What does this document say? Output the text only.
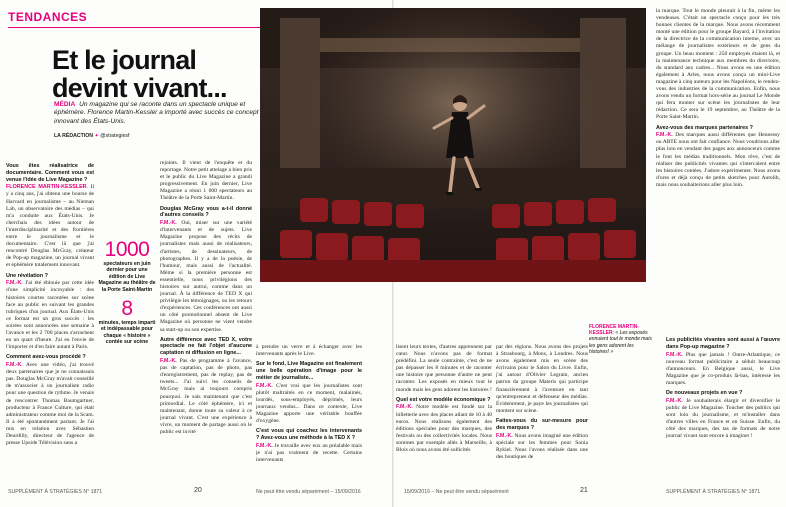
TENDANCES
Et le journal
devint vivant...
MÉDIA Un magazine qui se raconte dans un spectacle unique et éphémère. Florence Martin-Kessler a importé avec succès ce concept innovant des États-Unis.
LA RÉDACTION ✦ @strategiesf
Vous êtes réalisatrice de documentaire. Comment vous est venue l'idée de Live Magazine ?

FLORENCE MARTIN-KESSLER. Il y a cinq ans, j'ai obtenu une bourse de Harvard en journalisme – au Nieman Lab, un observatoire des médias – qui m'a conduite aux États-Unis. Je cherchais des idées autour de l'interdisciplinarité et des frontières entre le journalisme et le documentaire. C'est là que j'ai rencontré Douglas McGray, créateur de Pop-up magazine, un journal vivant et éphémère totalement innovant.

Une révélation ?

F.M.-K. J'ai été éblouie par cette idée d'une simplicité incroyable : des histoires courtes racontées sur scène face au public en suivant les grandes rubriques d'un journal. Aux États-Unis ce format est un gros succès : les soirées sont annoncées une semaine à l'avance et les 2 700 places s'arrachent en un quart d'heure. J'ai eu l'envie de l'importer et d'en faire autant à Paris.

Comment avez-vous procédé ?

F.M.-K. Avec une vidéo, j'ai trouvé deux partenaires que je ne connaissais pas. Douglas McGray m'avait conseillé de m'associer à un journaliste radio pour une question de rythme. Je venais de rencontrer Thomas Baumgartner, producteur à France Culture, qui était administrateur comme moi de la Scam. Il a été spontanément partant. Je l'ai mis en relation avec Sébastien Deurdilly, directeur de l'agence de presse Upside Télévision sans a

1000
spectateurs en juin dernier pour une édition de Live Magazine au théâtre de la Porte Saint-Martin
8
minutes, temps imparti et indépassable pour chaque « histoire » contée sur scène

rejoints. Il vient de l'enquête et du reportage. Notre petit attelage a bien pris et le public du Live Magazine a grandi progressivement. En juin dernier, Live Magazine a réuni 1 000 spectateurs au Théâtre de la Porte Saint-Martin.

Douglas McGray vous a-t-il donné d'autres conseils ?

F.M.-K. Oui, miser sur une variété d'intervenants et de sujets. Live Magazine propose des récits de journalistes mais aussi de réalisateurs, d'artistes, de dessinateurs, de photographes. Il y a de la poésie, de l'humour, mais aussi de l'actualité. Même si la première personne est essentielle, nous privilégions des histoires sur autrui, comme dans un journal. À la différence de TED X qui privilégie les témoignages, ou les retours d'expériences. Ces conférences ont aussi un côté promotionnel absent de Live Magazine où personne ne vient vendre sa start-up ou son expertise.

Autre différence avec TED X, votre spectacle ne fait l'objet d'aucune captation ni diffusion en ligne...

F.M.-K. Pas de programme à l'avance, pas de captation, pas de photo, pas d'enregistrement, pas de replay, pas de tweets... J'ai suivi les conseils de McGray mais ai toujours compris pourquoi. Je sais maintenant que c'est primordial. Le côté éphémère, ici et maintenant, donne toute sa valeur à ce journal vivant. C'est une expérience à vivre, un moment de partage aussi où le public est invité

à prendre un verre et à échanger avec les intervenants après le Live.

Sur le fond, Live Magazine est finalement une belle opération d'image pour le métier de journaliste...

F.M.-K. C'est vrai que les journalistes sont plutôt maltraités en ce moment, malaimés, lourdés, sous-employés, déprimés, leurs journaux vendus... Dans ce contexte, Live Magazine apporte une véritable bouffée d'oxygène.

C'est vous qui coachez les intervenants ? Avez-vous une méthode à la TED X ?

F.M.-K. Je travaille avec eux au préalable mais je n'ai pas vraiment de recette. Certains intervenants

lisent leurs textes, d'autres apprennent par cœur. Nous n'avons pas de format prédéfini. La seule contrainte, c'est de ne pas dépasser les 8 minutes et de raconter une histoire que personne d'autre ne peut raconter. Les exposés en mieux tout le monde mais les gens adorent les histoires !

Quel est votre modèle économique ?

F.M.-K. Notre modèle est fondé sur la billetterie avec des places allant de 10 à 40 euros. Nous réalisons également des éditions spéciales pour des marques, des festivals ou des collectivités locales. Nous sommes par exemple allés à Marseille, à Blois où nous avons été sollicités

par des régions. Nous avons des projets à Strasbourg, à Mons, à Londres. Nous avons également mis en scène des écrivains pour le Salon du Livre. Enfin, j'ai autour d'Olivier Legrain, ancien patron du groupe Materis qui participe financièrement à l'aventure en tant qu'entrepreneur et défenseur des médias. Évidemment, je paye les journalistes qui montent sur scène.

Faites-vous du sur-mesure pour des marques ?

F.M.-K. Nous avons imaginé une édition spéciale sur les femmes pour Sonia Rykiel. Nous l'avons réalisée dans une des boutiques de

FLORENCE MARTIN-KESSLER: « Les exposés ennuient tout le monde mais les gens adorent les histoires! »

la marque. Tout le monde pleurait à la fin, même les vendeuses. C'était un spectacle conçu pour les très bonnes clientes de la marque. Nous avons récemment monté une édition pour le groupe Bayard, à l'invitation de la directrice de la communication interne, avec un mélange de journalistes extérieurs et de gens du groupe. Un beau moment : 250 employés étaient là, et la maintenance technique aux membres du directoire, du standard aux cadres... Nous avons eu une édition également à Arles, nous avons conçu un mini-Live magazine à cinq auteurs pour les Napoléons, le rendez-vous des industries de la communication. Enfin, nous avons vendu un format hors-série au journal Le Monde qui fera monter sur scène les journalistes de leur rédaction. Ce sera le 19 septembre, au Théâtre de la Porte Saint-Martin.

Avez-vous des marques partenaires ?

F.M.-K. Des marques aussi différentes que Hennessy ou ARTE nous ont fait confiance. Nous voudrions aller plus loin en vendant des pages aux annonceurs comme le font les médias traditionnels. Mon rêve, c'est de réaliser des publicités vivantes qui s'intercalent entre les histoires contées. J'adore expérimenter. Nous avons d'ores et déjà conçu de petits sketches pour Autolib, mais nous souhaiterions aller plus loin.

Les publicités vivantes sont aussi à l'œuvre dans Pop-up magazine ?

F.M.-K. Plus que jamais ! Outre-Atlantique, ce nouveau format publicitaire a séduit beaucoup d'annonceurs. En Belgique aussi, le Live Magazine que je co-produis là-bas, intéresse les marques.

De nouveaux projets en vue ?

F.M.-K. Je souhaiterais élargir et diversifier le public de Live Magazine. Toucher des publics qui sont loin du journalisme, et m'installer dans d'autres villes en France et en Suisse. Enfin, du côté des marques, des tas de formats de notre journal vivant sont encore à imaginer !

SUPPLÉMENT À STRATÉGIES N° 1871	20	Ne peut être vendu séparément – 15/09/2016	15/09/2016 – Ne peut être vendu séparément	21	SUPPLÉMENT À STRATÉGIES N° 1871
